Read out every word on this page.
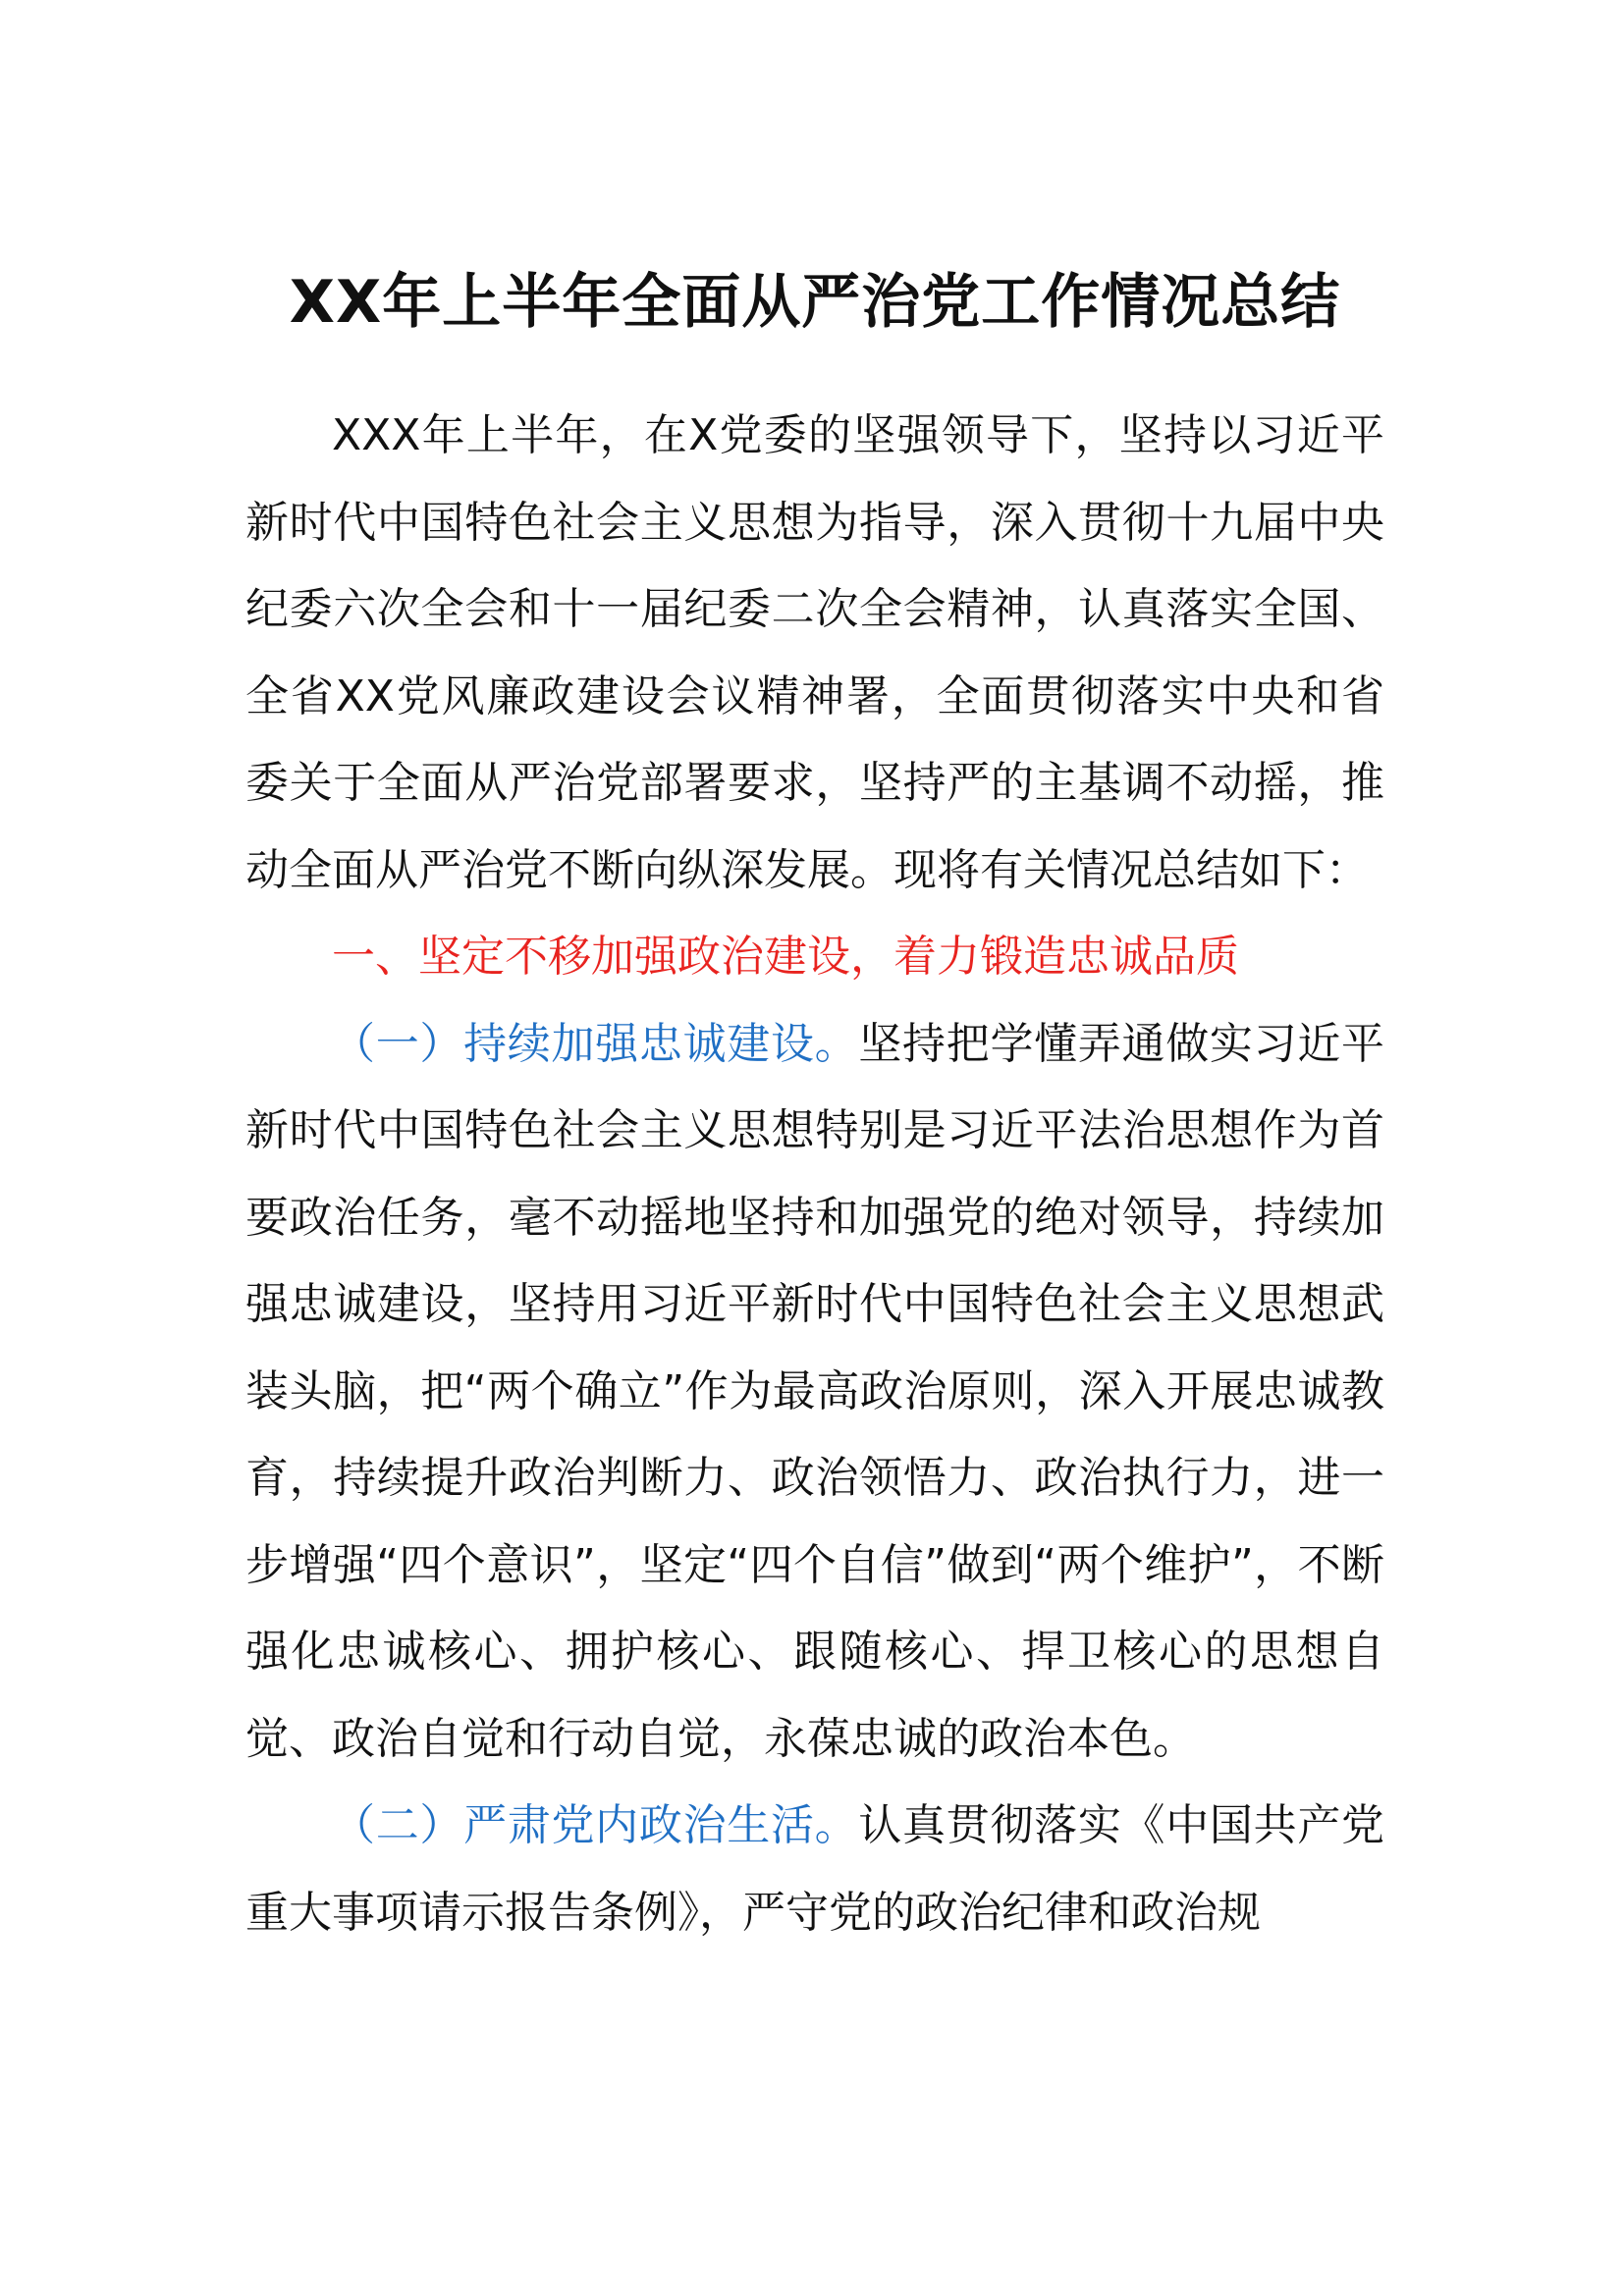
XX年上半年全面从严治党工作情况总结

XXX年上半年，在X党委的坚强领导下，坚持以习近平新时代中国特色社会主义思想为指导，深入贯彻十九届中央纪委六次全会和十一届纪委二次全会精神，认真落实全国、全省XX党风廉政建设会议精神署，全面贯彻落实中央和省委关于全面从严治党部署要求，坚持严的主基调不动摇，推动全面从严治党不断向纵深发展。现将有关情况总结如下：

一、坚定不移加强政治建设，着力锻造忠诚品质

（一）持续加强忠诚建设。坚持把学懂弄通做实习近平新时代中国特色社会主义思想特别是习近平法治思想作为首要政治任务，毫不动摇地坚持和加强党的绝对领导，持续加强忠诚建设，坚持用习近平新时代中国特色社会主义思想武装头脑，把“两个确立”作为最高政治原则，深入开展忠诚教育，持续提升政治判断力、政治领悟力、政治执行力，进一步增强“四个意识”，坚定“四个自信”做到“两个维护”，不断强化忠诚核心、拥护核心、跟随核心、捍卫核心的思想自觉、政治自觉和行动自觉，永葆忠诚的政治本色。

（二）严肃党内政治生活。认真贯彻落实《中国共产党重大事项请示报告条例》，严守党的政治纪律和政治规
